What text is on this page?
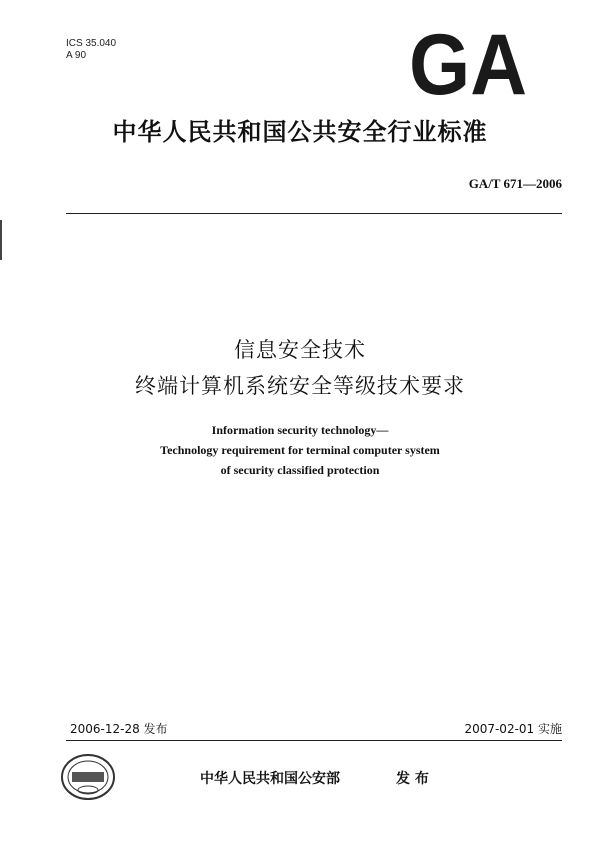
ICS 35.040
A 90	GA
中华人民共和国公共安全行业标准
GA/T 671—2006
信息安全技术
终端计算机系统安全等级技术要求
Information security technology—
Technology requirement for terminal computer system
of security classified protection
2006-12-28 发布	2007-02-01 实施
中华人民共和国公安部	发 布
